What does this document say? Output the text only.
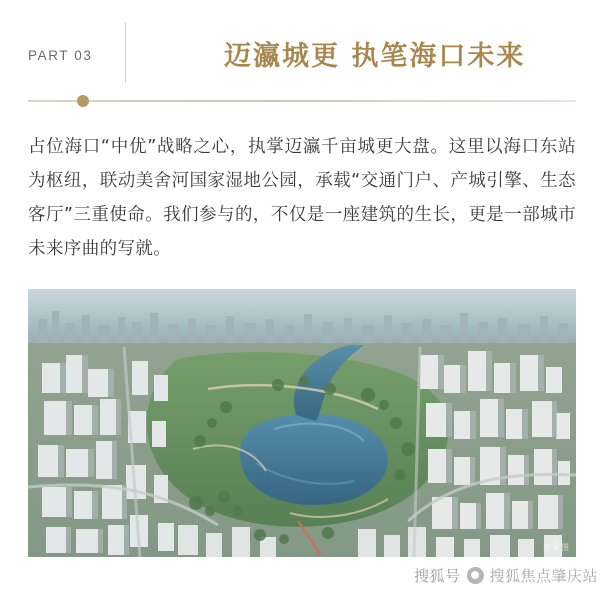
PART 03	迈瀛城更 执笔海口未来
占位海口“中优”战略之心，执掌迈瀛千亩城更大盘。这里以海口东站为枢纽，联动美舍河国家湿地公园，承载“交通门户、产城引擎、生态客厅”三重使命。我们参与的，不仅是一座建筑的生长，更是一部城市未来序曲的写就。
效果图
搜狐号 搜狐焦点肇庆站
